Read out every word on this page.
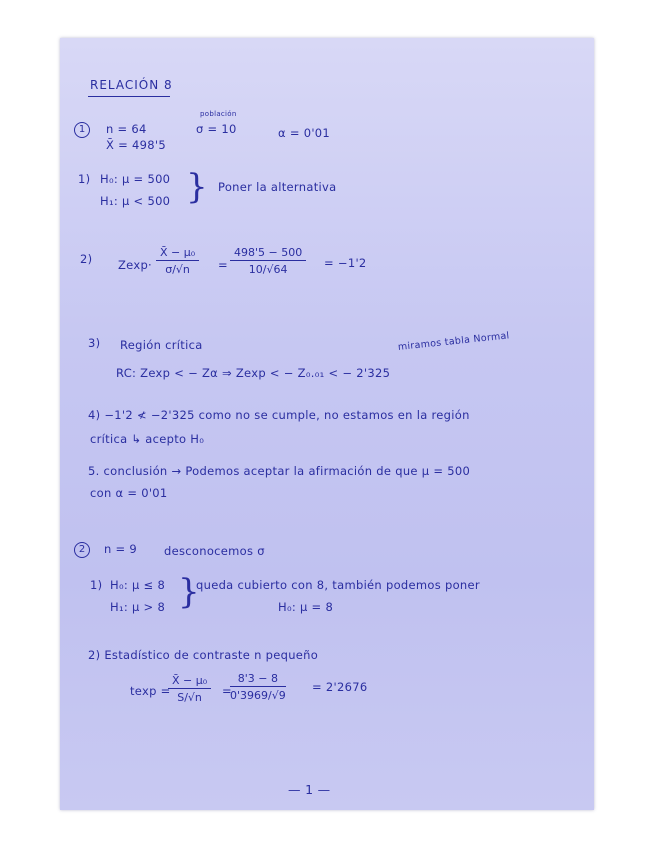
RELACIÓN 8
1	n = 64
X̄ = 498'5
población
σ = 10	α = 0'01
1) H₀: μ = 500
H₁: μ < 500 } Poner la alternativa
2) $Zexp\cdot \frac{\text{X̄ − μ₀}}{\sigma/√n} = \frac{498'5 - 500}{10/√64} = -1'2$
3) Región crítica	miramos tabla Normal
RC: Zexp < − Zα ⇒ Zexp < − Z₀.₀₁ < − 2'325
4) −1'2 ≮ −2'325 como no se cumple, no estamos en la región
crítica ↳ acepto H₀
5. conclusión → Podemos aceptar la afirmación de que μ = 500
con α = 0'01
2	n = 9 desconocemos σ
1) H₀: μ ≤ 8
H₁: μ > 8 }
queda cubierto con 8, también podemos poner
H₀: μ = 8
2) Estadístico de contraste n pequeño
texp =
$\frac{\text{X̄ − μ₀}}{S/√n}$ =
$\frac{8'3 - 8}{0'3969/√9} = 2'2676$
— 1 —
